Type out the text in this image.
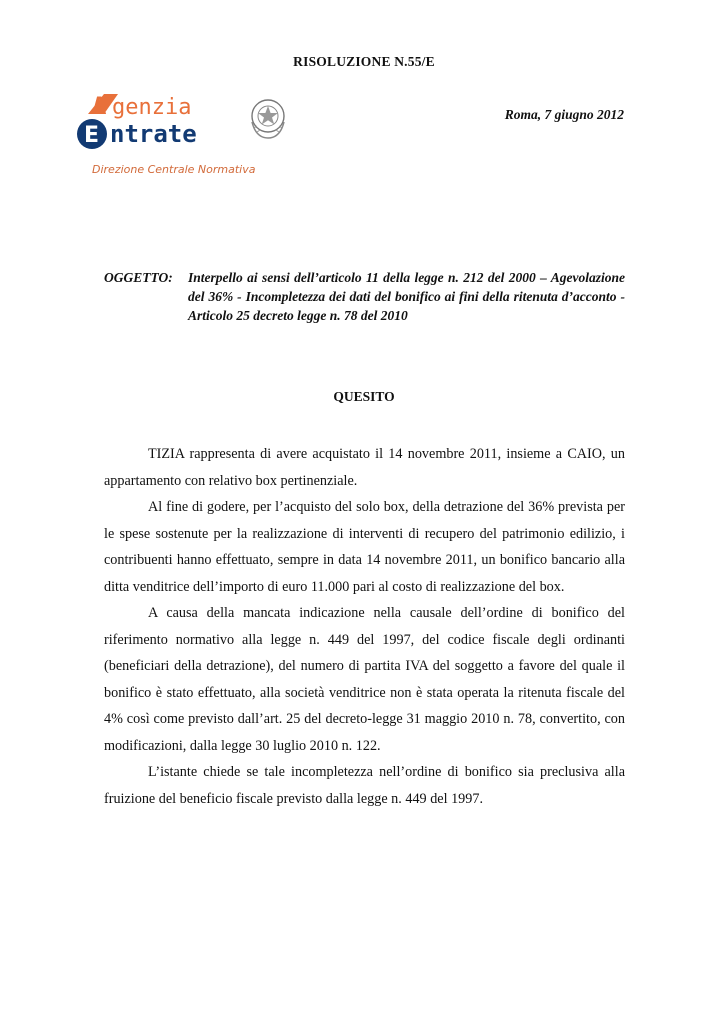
RISOLUZIONE N.55/E
Roma, 7 giugno 2012
A genzia
E ntrate
Direzione Centrale Normativa
OGGETTO: Interpello ai sensi dell’articolo 11 della legge n. 212 del 2000 – Agevolazione del 36% - Incompletezza dei dati del bonifico ai fini della ritenuta d’acconto - Articolo 25 decreto legge n. 78 del 2010
QUESITO

TIZIA rappresenta di avere acquistato il 14 novembre 2011, insieme a CAIO, un appartamento con relativo box pertinenziale.

Al fine di godere, per l’acquisto del solo box, della detrazione del 36% prevista per le spese sostenute per la realizzazione di interventi di recupero del patrimonio edilizio, i contribuenti hanno effettuato, sempre in data 14 novembre 2011, un bonifico bancario alla ditta venditrice dell’importo di euro 11.000 pari al costo di realizzazione del box.

A causa della mancata indicazione nella causale dell’ordine di bonifico del riferimento normativo alla legge n. 449 del 1997, del codice fiscale degli ordinanti (beneficiari della detrazione), del numero di partita IVA del soggetto a favore del quale il bonifico è stato effettuato, alla società venditrice non è stata operata la ritenuta fiscale del 4% così come previsto dall’art. 25 del decreto-legge 31 maggio 2010 n. 78, convertito, con modificazioni, dalla legge 30 luglio 2010 n. 122.

L’istante chiede se tale incompletezza nell’ordine di bonifico sia preclusiva alla fruizione del beneficio fiscale previsto dalla legge n. 449 del 1997.
